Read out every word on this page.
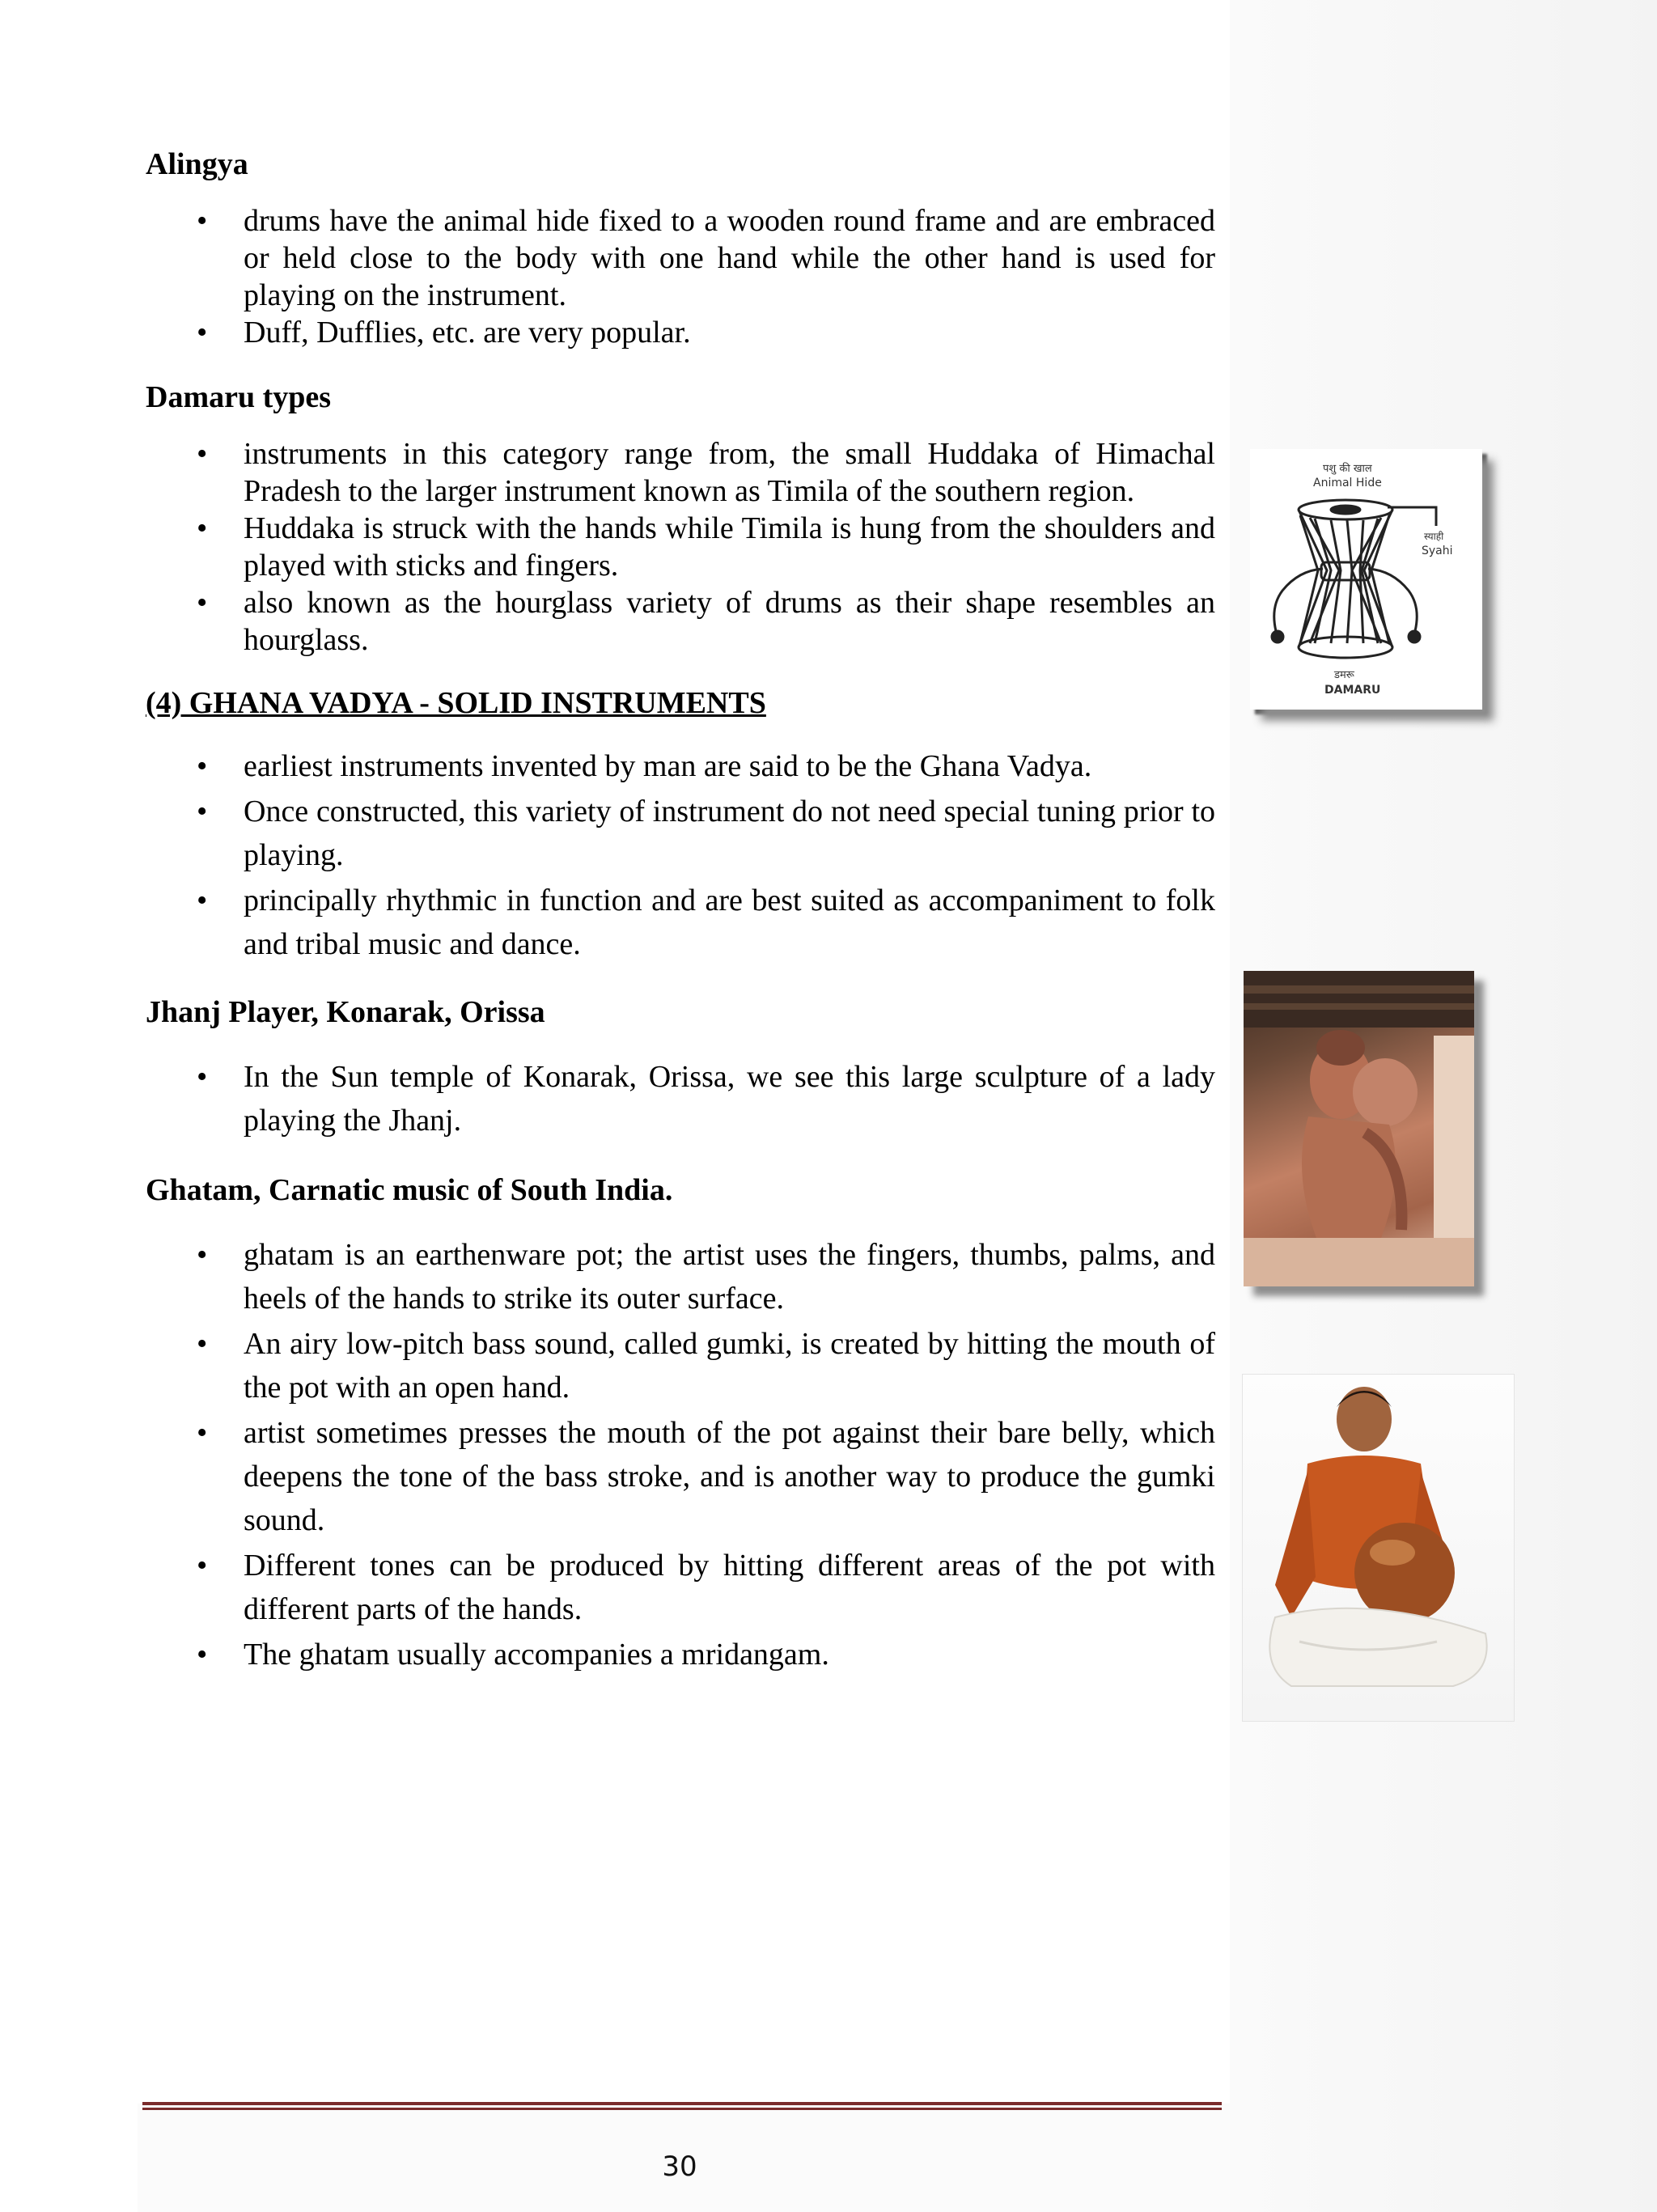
Alingya

• drums have the animal hide fixed to a wooden round frame and are embraced or held close to the body with one hand while the other hand is used for playing on the instrument.
• Duff, Dufflies, etc. are very popular.

Damaru types

• instruments in this category range from, the small Huddaka of Himachal Pradesh to the larger instrument known as Timila of the southern region.
• Huddaka is struck with the hands while Timila is hung from the shoulders and played with sticks and fingers.
• also known as the hourglass variety of drums as their shape resembles an hourglass.

(4) GHANA VADYA - SOLID INSTRUMENTS

• earliest instruments invented by man are said to be the Ghana Vadya.
• Once constructed, this variety of instrument do not need special tuning prior to playing.
• principally rhythmic in function and are best suited as accompaniment to folk and tribal music and dance.

Jhanj Player, Konarak, Orissa

• In the Sun temple of Konarak, Orissa, we see this large sculpture of a lady playing the Jhanj.

Ghatam, Carnatic music of South India.

• ghatam is an earthenware pot; the artist uses the fingers, thumbs, palms, and heels of the hands to strike its outer surface.
• An airy low-pitch bass sound, called gumki, is created by hitting the mouth of the pot with an open hand.
• artist sometimes presses the mouth of the pot against their bare belly, which deepens the tone of the bass stroke, and is another way to produce the gumki sound.
• Different tones can be produced by hitting different areas of the pot with different parts of the hands.
• The ghatam usually accompanies a mridangam.
पशु की खाल
Animal Hide
स्याही
Syahi
डमरू
DAMARU
30
